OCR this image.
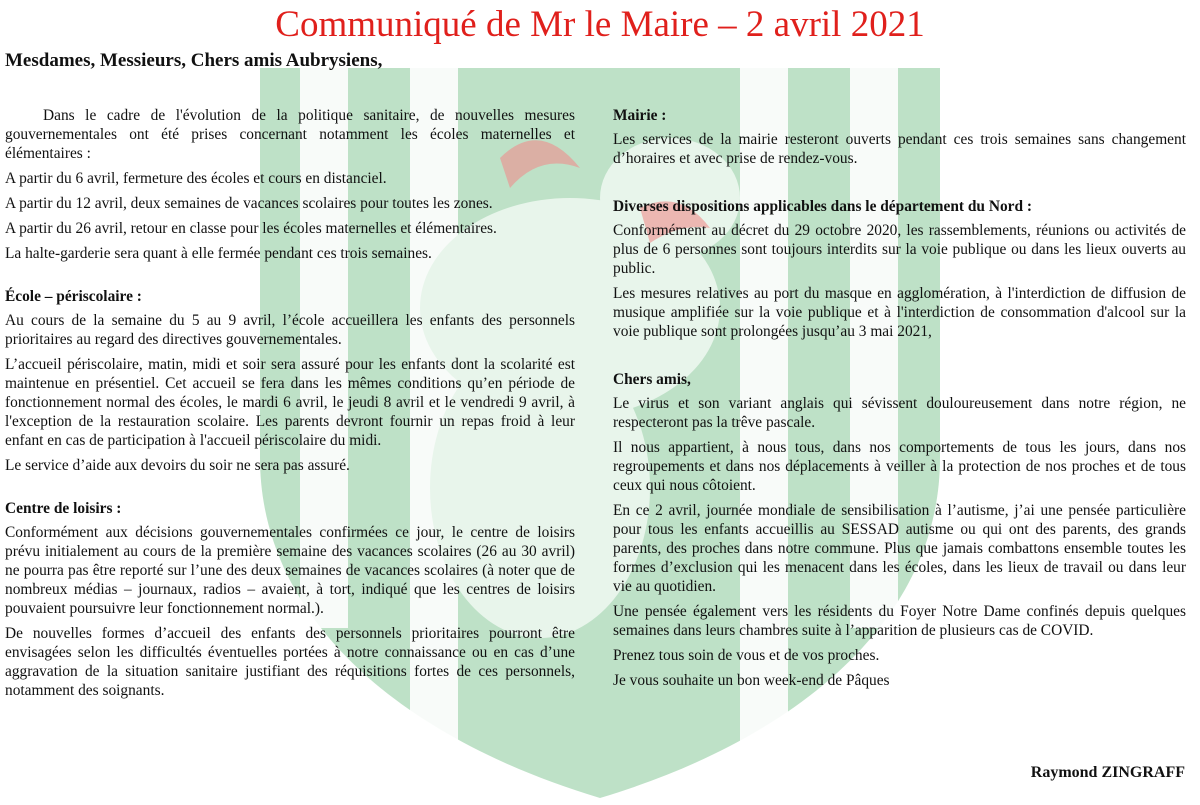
Communiqué de Mr le Maire – 2 avril 2021
Mesdames, Messieurs, Chers amis Aubrysiens,

Dans le cadre de l'évolution de la politique sanitaire, de nouvelles mesures gouvernementales ont été prises concernant notamment les écoles maternelles et élémentaires :

A partir du 6 avril, fermeture des écoles et cours en distanciel.

A partir du 12 avril, deux semaines de vacances scolaires pour toutes les zones.

A partir du 26 avril, retour en classe pour les écoles maternelles et élémentaires.

La halte-garderie sera quant à elle fermée pendant ces trois semaines.

École – périscolaire :

Au cours de la semaine du 5 au 9 avril, l’école accueillera les enfants des personnels prioritaires au regard des directives gouvernementales.

L’accueil périscolaire, matin, midi et soir sera assuré pour les enfants dont la scolarité est maintenue en présentiel. Cet accueil se fera dans les mêmes conditions qu’en période de fonctionnement normal des écoles, le mardi 6 avril, le jeudi 8 avril et le vendredi 9 avril, à l'exception de la restauration scolaire. Les parents devront fournir un repas froid à leur enfant en cas de participation à l'accueil périscolaire du midi.

Le service d’aide aux devoirs du soir ne sera pas assuré.

Centre de loisirs :

Conformément aux décisions gouvernementales confirmées ce jour, le centre de loisirs prévu initialement au cours de la première semaine des vacances scolaires (26 au 30 avril) ne pourra pas être reporté sur l’une des deux semaines de vacances scolaires (à noter que de nombreux médias – journaux, radios – avaient, à tort, indiqué que les centres de loisirs pouvaient poursuivre leur fonctionnement normal.).

De nouvelles formes d’accueil des enfants des personnels prioritaires pourront être envisagées selon les difficultés éventuelles portées à notre connaissance ou en cas d’une aggravation de la situation sanitaire justifiant des réquisitions fortes de ces personnels, notamment des soignants.

Mairie :

Les services de la mairie resteront ouverts pendant ces trois semaines sans changement d’horaires et avec prise de rendez-vous.

Diverses dispositions applicables dans le département du Nord :

Conformément au décret du 29 octobre 2020, les rassemblements, réunions ou activités de plus de 6 personnes sont toujours interdits sur la voie publique ou dans les lieux ouverts au public.

Les mesures relatives au port du masque en agglomération, à l'interdiction de diffusion de musique amplifiée sur la voie publique et à l'interdiction de consommation d'alcool sur la voie publique sont prolongées jusqu’au 3 mai 2021,

Chers amis,

Le virus et son variant anglais qui sévissent douloureusement dans notre région, ne respecteront pas la trêve pascale.

Il nous appartient, à nous tous, dans nos comportements de tous les jours, dans nos regroupements et dans nos déplacements à veiller à la protection de nos proches et de tous ceux qui nous côtoient.

En ce 2 avril, journée mondiale de sensibilisation à l’autisme, j’ai une pensée particulière pour tous les enfants accueillis au SESSAD autisme ou qui ont des parents, des grands parents, des proches dans notre commune. Plus que jamais combattons ensemble toutes les formes d’exclusion qui les menacent dans les écoles, dans les lieux de travail ou dans leur vie au quotidien.

Une pensée également vers les résidents du Foyer Notre Dame confinés depuis quelques semaines dans leurs chambres suite à l’apparition de plusieurs cas de COVID.

Prenez tous soin de vous et de vos proches.

Je vous souhaite un bon week-end de Pâques

Raymond ZINGRAFF
